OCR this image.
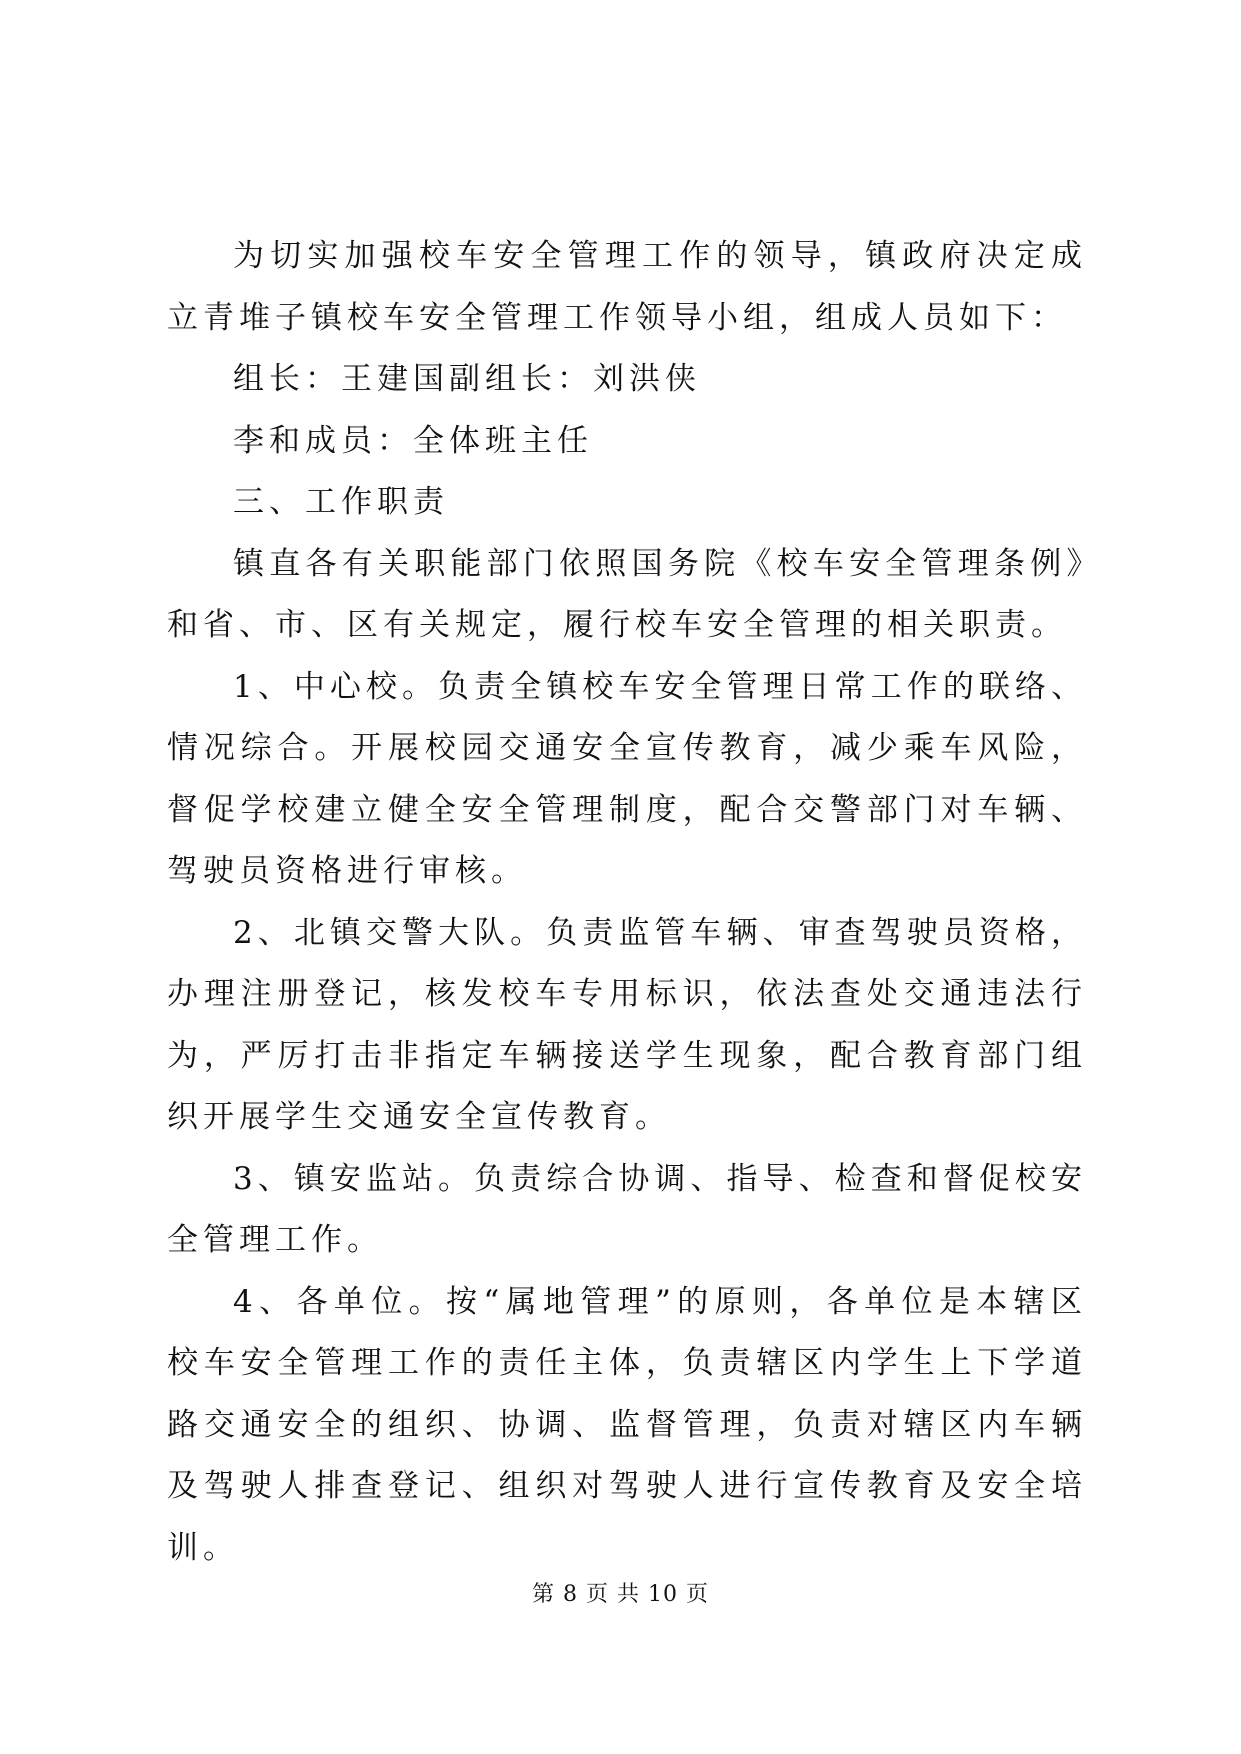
为切实加强校车安全管理工作的领导，镇政府决定成立青堆子镇校车安全管理工作领导小组，组成人员如下：

组长：王建国副组长：刘洪侠

李和成员：全体班主任

三、工作职责

镇直各有关职能部门依照国务院《校车安全管理条例》和省、市、区有关规定，履行校车安全管理的相关职责。

1、中心校。负责全镇校车安全管理日常工作的联络、情况综合。开展校园交通安全宣传教育，减少乘车风险，督促学校建立健全安全管理制度，配合交警部门对车辆、驾驶员资格进行审核。

2、北镇交警大队。负责监管车辆、审查驾驶员资格，办理注册登记，核发校车专用标识，依法查处交通违法行为，严厉打击非指定车辆接送学生现象，配合教育部门组织开展学生交通安全宣传教育。

3、镇安监站。负责综合协调、指导、检查和督促校安全管理工作。

4、各单位。按“属地管理”的原则，各单位是本辖区校车安全管理工作的责任主体，负责辖区内学生上下学道路交通安全的组织、协调、监督管理，负责对辖区内车辆及驾驶人排查登记、组织对驾驶人进行宣传教育及安全培训。

第 8 页 共 10 页
